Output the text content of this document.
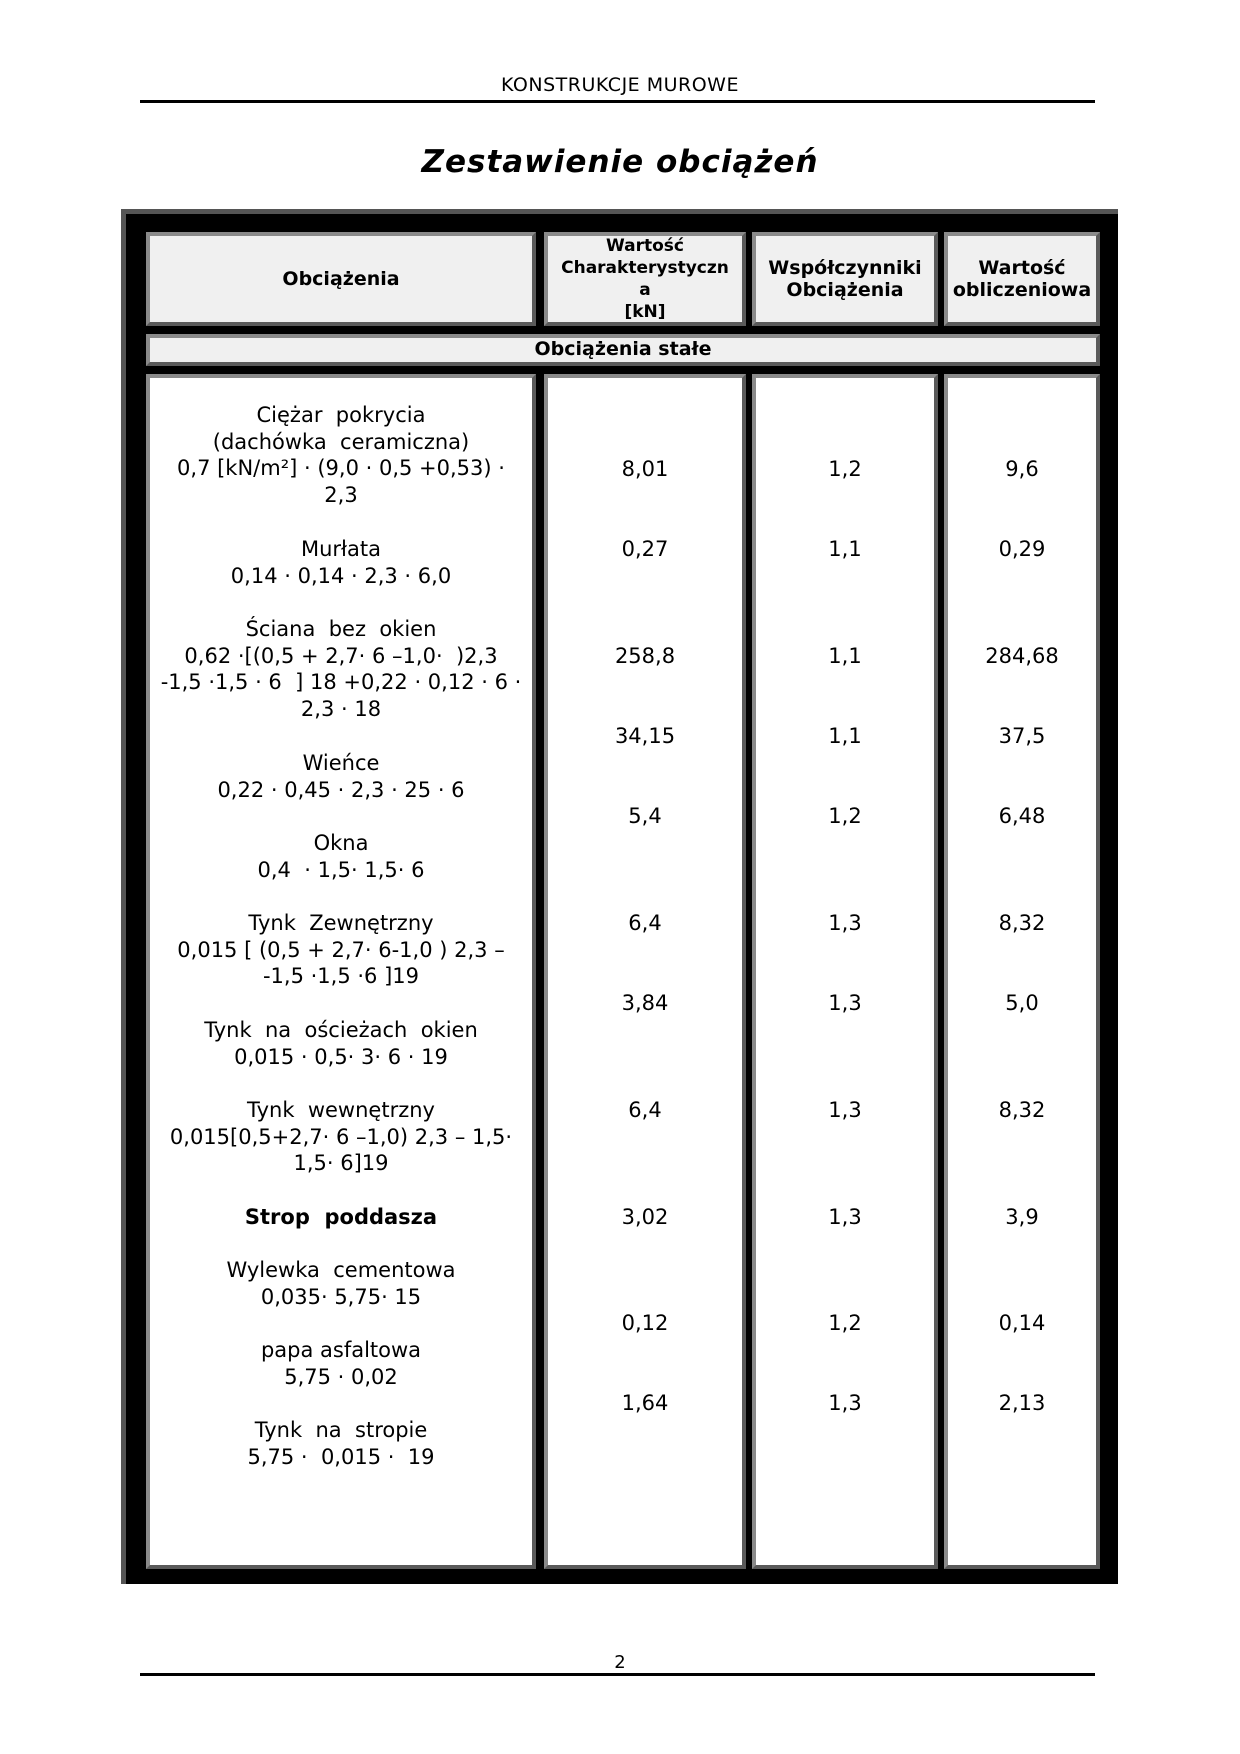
KONSTRUKCJE MUROWE
Zestawienie obciążeń
Obciążenia
Wartość
Charakterystyczn
a
[kN]
Współczynniki
Obciążenia
Wartość
obliczeniowa
Obciążenia stałe
Ciężar  pokrycia
(dachówka  ceramiczna)
0,7 [kN/m²] · (9,0 · 0,5 +0,53) ·
2,3
Murłata
0,14 · 0,14 · 2,3 · 6,0
Ściana  bez  okien
0,62 ·[(0,5 + 2,7· 6 –1,0·  )2,3
-1,5 ·1,5 · 6  ] 18 +0,22 · 0,12 · 6 ·
2,3 · 18
Wieńce
0,22 · 0,45 · 2,3 · 25 · 6
Okna
0,4  · 1,5· 1,5· 6
Tynk  Zewnętrzny
0,015 [ (0,5 + 2,7· 6-1,0 ) 2,3 –
-1,5 ·1,5 ·6 ]19
Tynk  na  ościeżach  okien
0,015 · 0,5· 3· 6 · 19
Tynk  wewnętrzny
0,015[0,5+2,7· 6 –1,0) 2,3 – 1,5·
1,5· 6]19
Strop  poddasza
Wylewka  cementowa
0,035· 5,75· 15
papa asfaltowa
5,75 · 0,02
Tynk  na  stropie
5,75 ·  0,015 ·  19
8,01
0,27
258,8
34,15
5,4
6,4
3,84
6,4
3,02
0,12
1,64
1,2
1,1
1,1
1,1
1,2
1,3
1,3
1,3
1,3
1,2
1,3
9,6
0,29
284,68
37,5
6,48
8,32
5,0
8,32
3,9
0,14
2,13
2
